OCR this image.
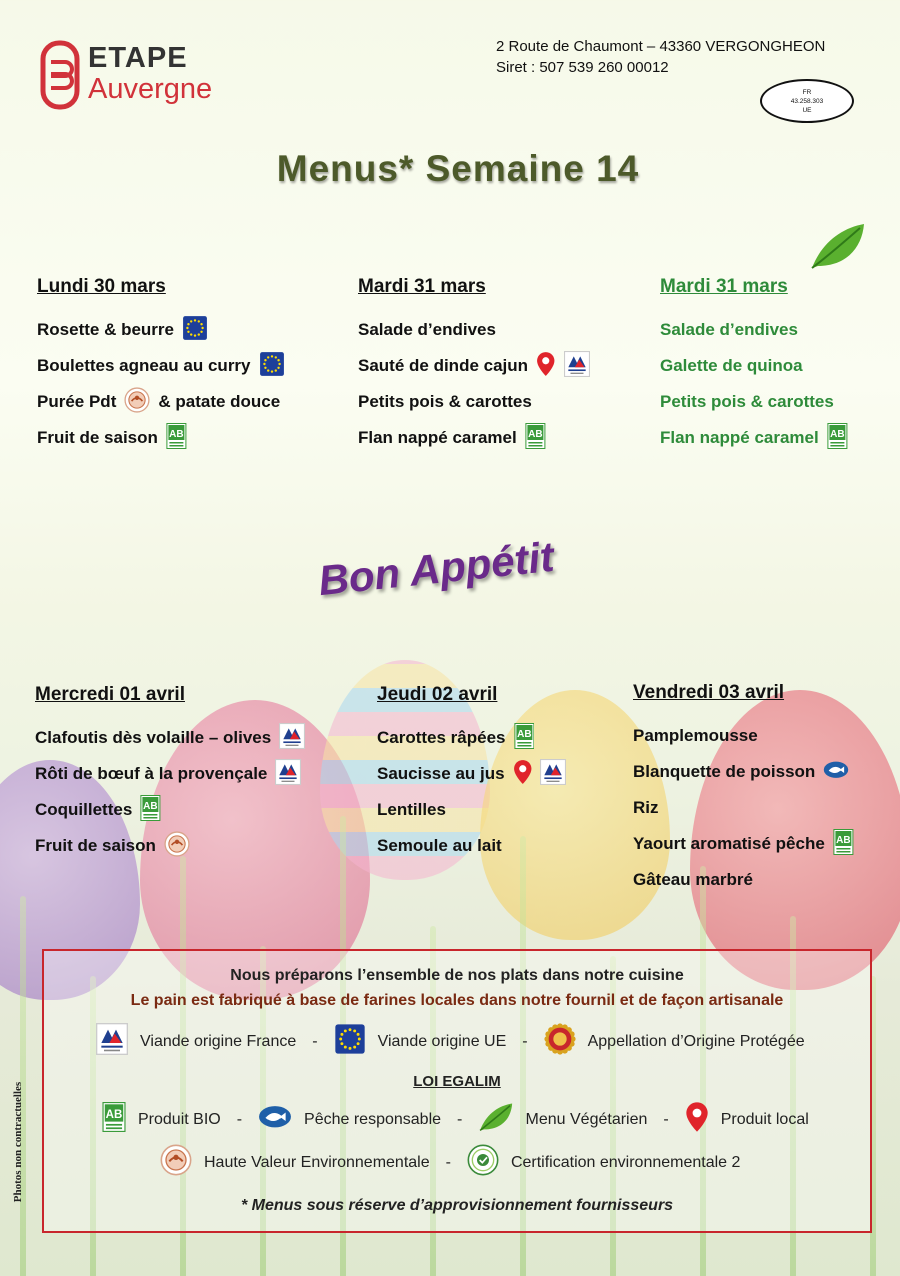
ETAPE
Auvergne
2 Route de Chaumont – 43360 VERGONGHEON
Siret : 507 539 260 00012
FR
43.258.303
UE
Menus* Semaine 14
Lundi 30 mars
Rosette & beurre
Boulettes agneau au curry
Purée Pdt & patate douce
Fruit de saison AB
Mardi 31 mars
Salade d’endives
Sauté de dinde cajun
Petits pois & carottes
Flan nappé caramel AB
Mardi 31 mars
Salade d’endives
Galette de quinoa
Petits pois & carottes
Flan nappé caramel AB
Bon Appétit
Mercredi 01 avril
Clafoutis dès volaille – olives
Rôti de bœuf à la provençale
Coquillettes AB
Fruit de saison
Jeudi 02 avril
Carottes râpées AB
Saucisse au jus
Lentilles
Semoule au lait
Vendredi 03 avril
Pamplemousse
Blanquette de poisson
Riz
Yaourt aromatisé pêche AB
Gâteau marbré
Nous préparons l’ensemble de nos plats dans notre cuisine
Le pain est fabriqué à base de farines locales dans notre fournil et de façon artisanale
Viande origine France -	Viande origine UE -	Appellation d’Origine Protégée
LOI EGALIM
AB Produit BIO -	Pêche responsable -	Menu Végétarien -	Produit local
Haute Valeur Environnementale -	Certification environnementale 2
* Menus sous réserve d’approvisionnement fournisseurs
Photos non contractuelles
